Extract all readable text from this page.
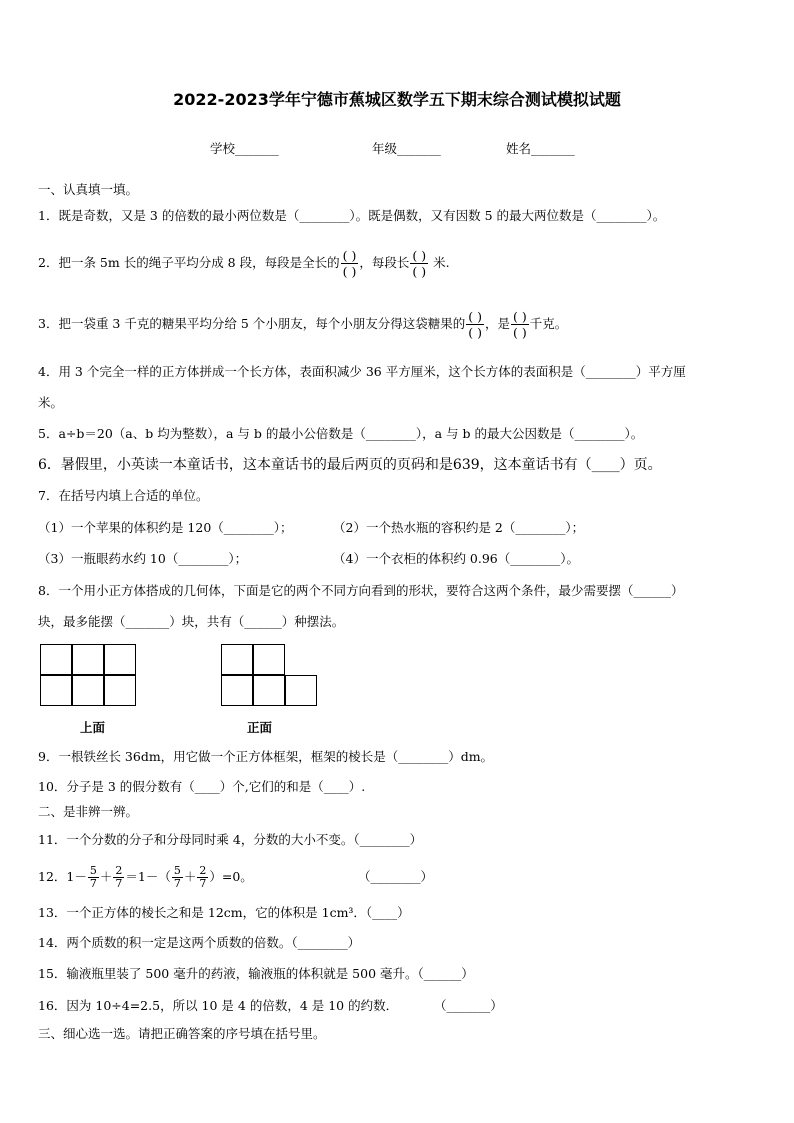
2022-2023学年宁德市蕉城区数学五下期末综合测试模拟试题
学校_______	年级_______	姓名_______
一、认真填一填。
1．既是奇数，又是 3 的倍数的最小两位数是（________）。既是偶数，又有因数 5 的最大两位数是（________）。
2．把一条 5m 长的绳子平均分成 8 段，每段是全长的 ( )
( )
，每段长 ( )
( )
米.
3．把一袋重 3 千克的糖果平均分给 5 个小朋友，每个小朋友分得这袋糖果的 ( )
( )
，是 ( )
( )
千克。
4．用 3 个完全一样的正方体拼成一个长方体，表面积减少 36 平方厘米，这个长方体的表面积是（________）平方厘
米。
5．a÷b＝20（a、b 均为整数），a 与 b 的最小公倍数是（________），a 与 b 的最大公因数是（________）。
6．暑假里，小英读一本童话书，这本童话书的最后两页的页码和是639，这本童话书有（____）页。
7．在括号内填上合适的单位。
（1）一个苹果的体积约是 120（________）；	（2）一个热水瓶的容积约是 2（________）；
（3）一瓶眼药水约 10（________）；	（4）一个衣柜的体积约 0.96（________）。
8．一个用小正方体搭成的几何体，下面是它的两个不同方向看到的形状，要符合这两个条件，最少需要摆（______）
块，最多能摆（_______）块，共有（______）种摆法。
上面	正面
9．一根铁丝长 36dm，用它做一个正方体框架，框架的棱长是（________）dm。
10．分子是 3 的假分数有（____）个,它们的和是（____）.
二、是非辨一辨。
11．一个分数的分子和分母同时乘 4，分数的大小不变。（________）
12．$1- \frac{5}{7} + \frac{2}{7} =1-( \frac{5}{7} + \frac{2}{7} )=0$。	（________）
13．一个正方体的棱长之和是 12cm，它的体积是 1cm³．（____）
14．两个质数的积一定是这两个质数的倍数。（________）
15．输液瓶里装了 500 毫升的药液，输液瓶的体积就是 500 毫升。（______）
16．因为 10÷4=2.5，所以 10 是 4 的倍数，4 是 10 的约数．	（_______）
三、细心选一选。请把正确答案的序号填在括号里。
